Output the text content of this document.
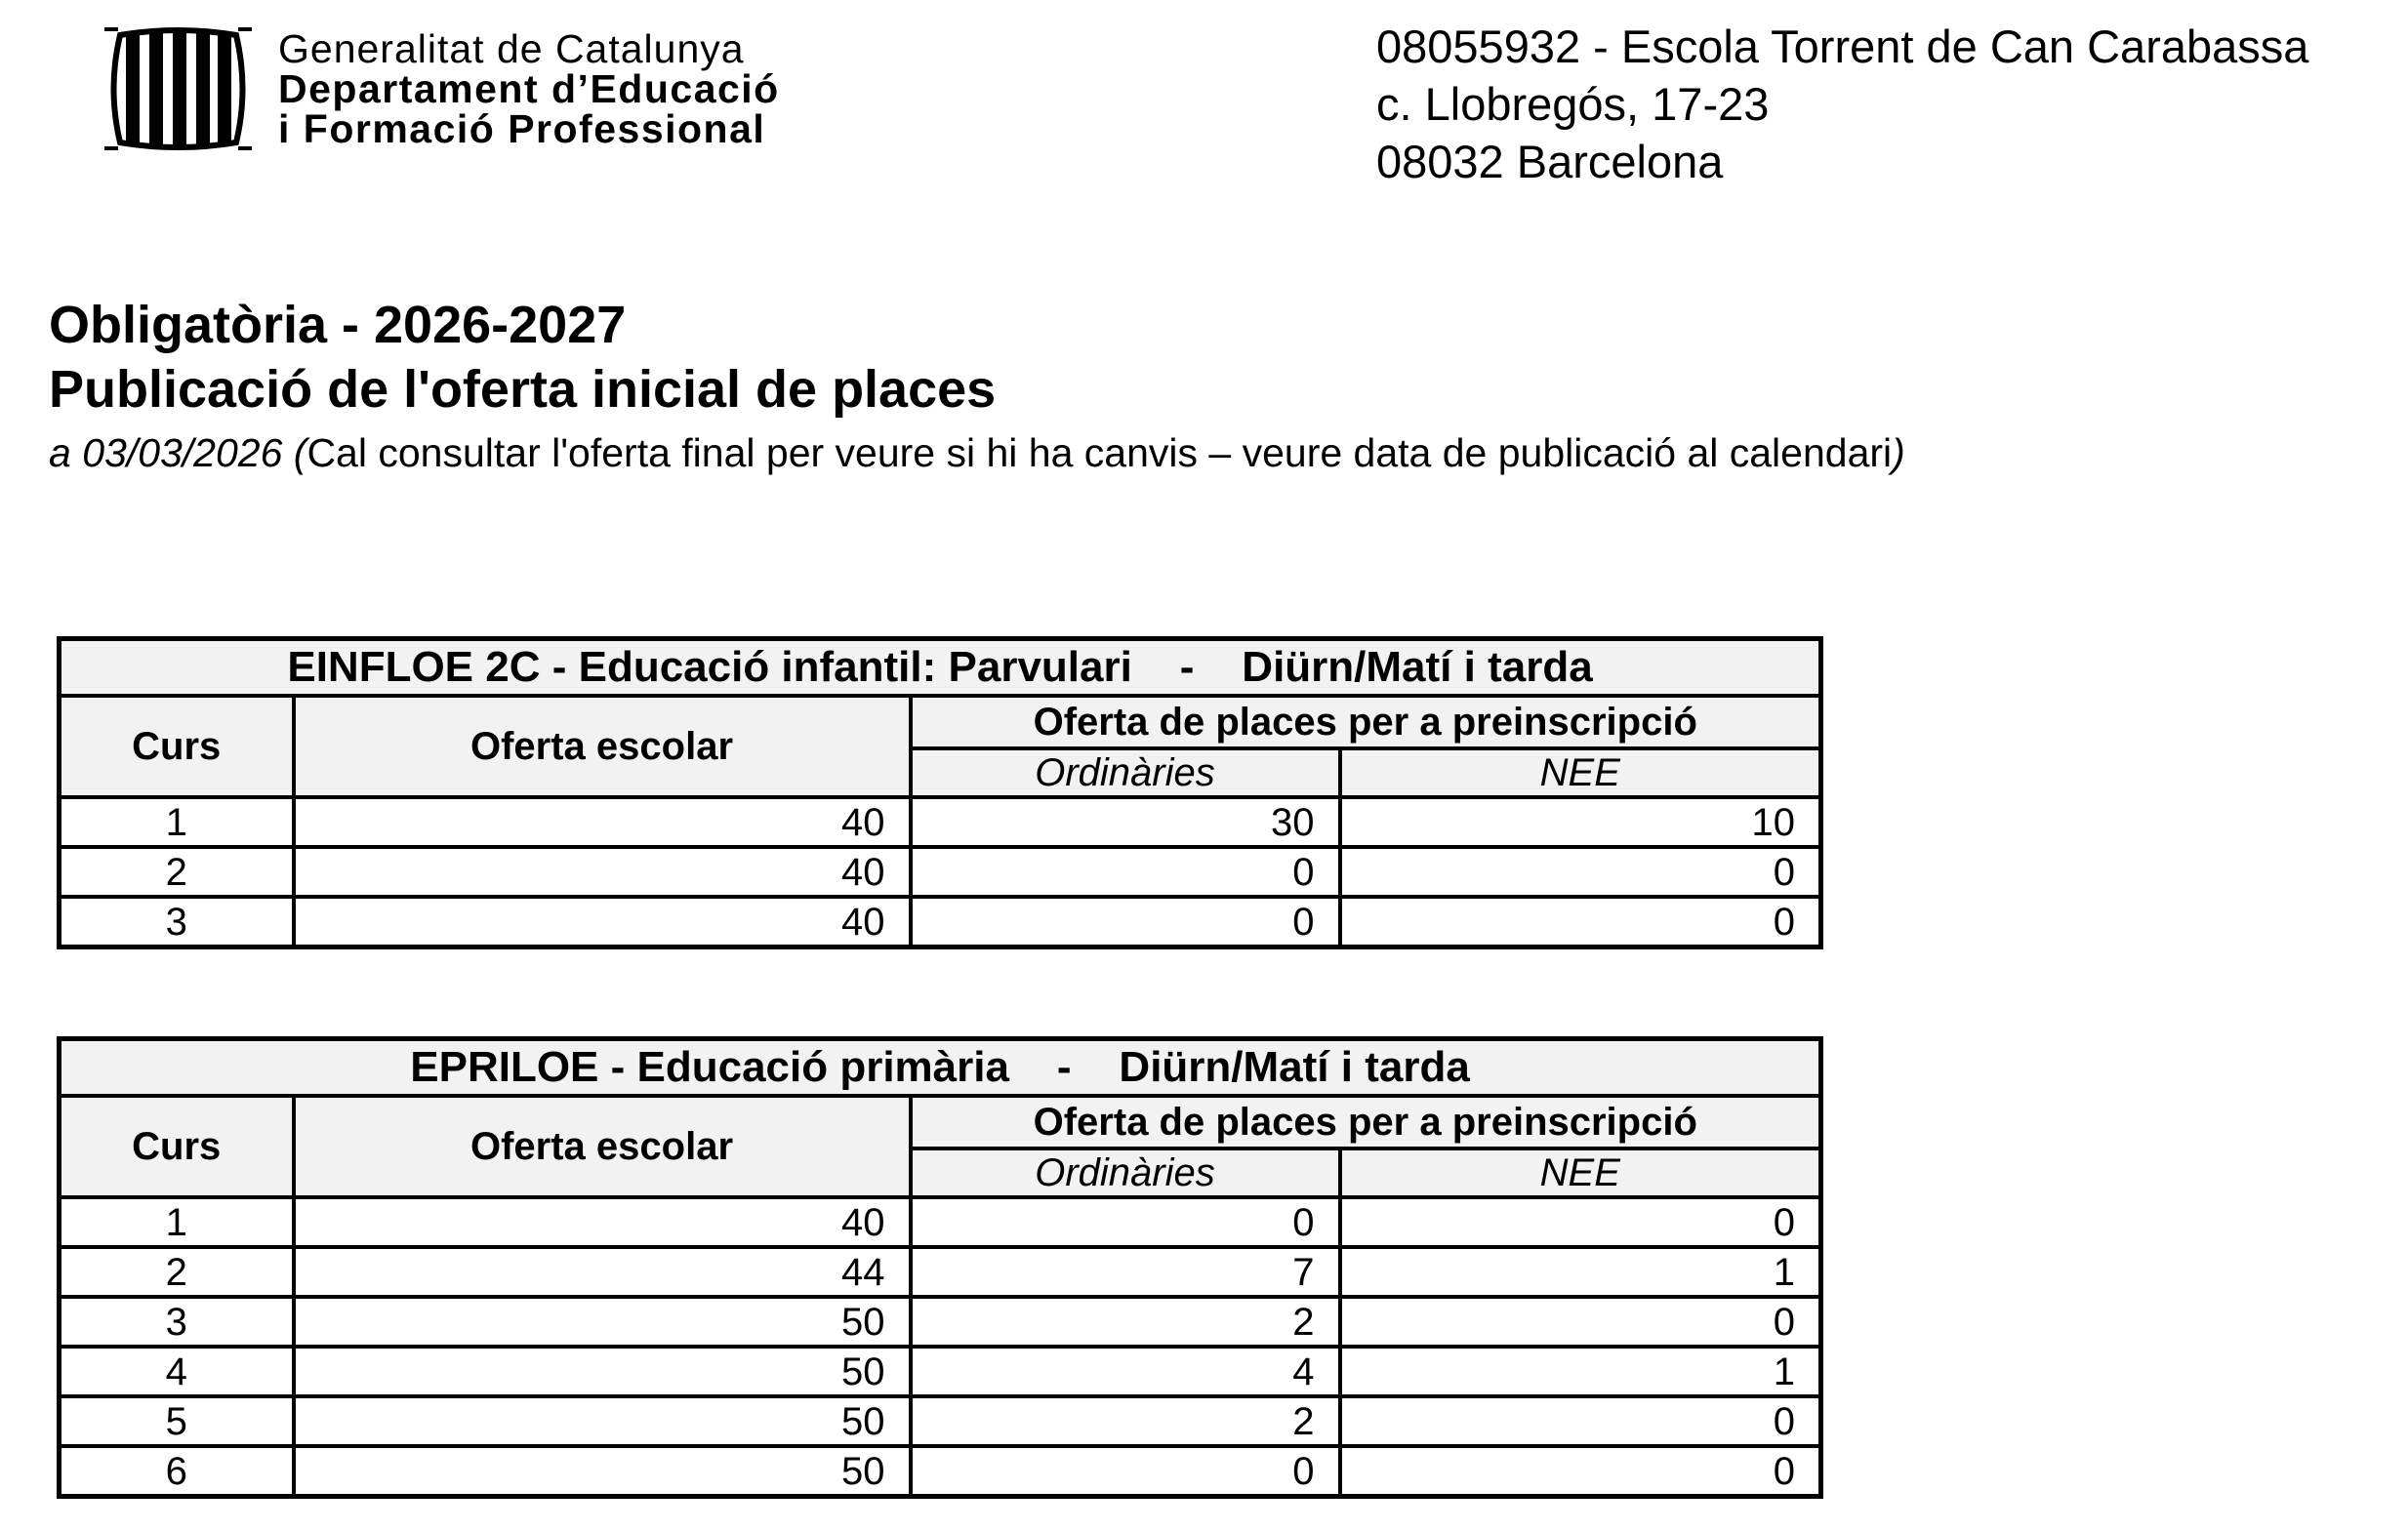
Generalitat de Catalunya
Departament d’Educació
i Formació Professional
08055932 - Escola Torrent de Can Carabassa
c. Llobregós, 17-23
08032 Barcelona
Obligatòria - 2026-2027
Publicació de l'oferta inicial de places
a 03/03/2026 (Cal consultar l'oferta final per veure si hi ha canvis – veure data de publicació al calendari)
EINFLOE 2C - Educació infantil: Parvulari    -    Diürn/Matí i tarda			
Curs	Oferta escolar	Oferta de places per a preinscripció	
		Ordinàries	NEE
1	40	30	10
2	40	0	0
3	40	0	0
EPRILOE - Educació primària    -    Diürn/Matí i tarda			
Curs	Oferta escolar	Oferta de places per a preinscripció	
		Ordinàries	NEE
1	40	0	0
2	44	7	1
3	50	2	0
4	50	4	1
5	50	2	0
6	50	0	0
